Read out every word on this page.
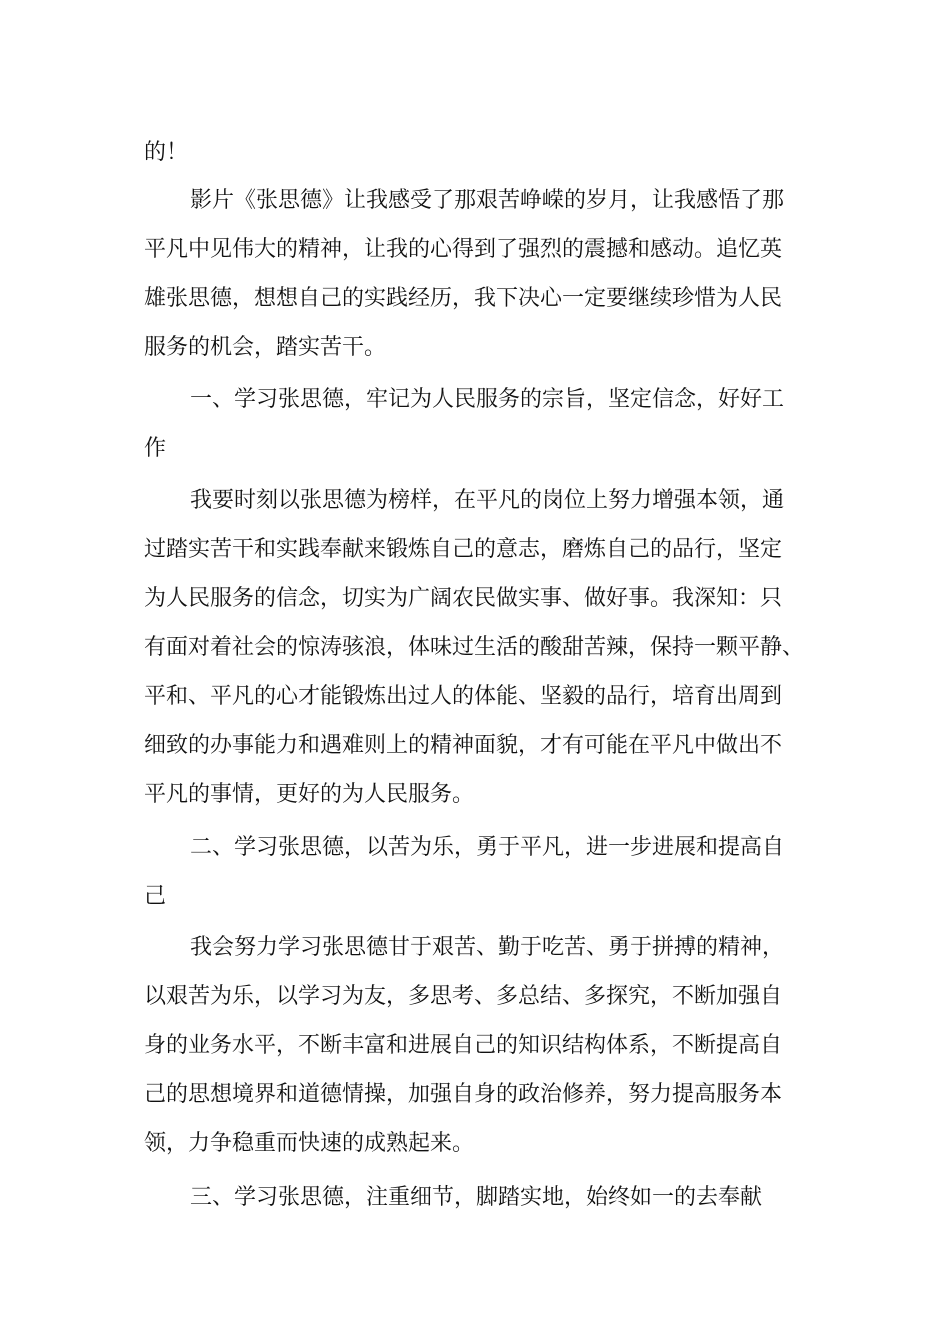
的！
影片《张思德》让我感受了那艰苦峥嵘的岁月，让我感悟了那
平凡中见伟大的精神，让我的心得到了强烈的震撼和感动。追忆英
雄张思德，想想自己的实践经历，我下决心一定要继续珍惜为人民
服务的机会，踏实苦干。
一、学习张思德，牢记为人民服务的宗旨，坚定信念，好好工
作
我要时刻以张思德为榜样，在平凡的岗位上努力增强本领，通
过踏实苦干和实践奉献来锻炼自己的意志，磨炼自己的品行，坚定
为人民服务的信念，切实为广阔农民做实事、做好事。我深知：只
有面对着社会的惊涛骇浪，体味过生活的酸甜苦辣，保持一颗平静、
平和、平凡的心才能锻炼出过人的体能、坚毅的品行，培育出周到
细致的办事能力和遇难则上的精神面貌，才有可能在平凡中做出不
平凡的事情，更好的为人民服务。
二、学习张思德，以苦为乐，勇于平凡，进一步进展和提高自
己
我会努力学习张思德甘于艰苦、勤于吃苦、勇于拼搏的精神，
以艰苦为乐，以学习为友，多思考、多总结、多探究，不断加强自
身的业务水平，不断丰富和进展自己的知识结构体系，不断提高自
己的思想境界和道德情操，加强自身的政治修养，努力提高服务本
领，力争稳重而快速的成熟起来。
三、学习张思德，注重细节，脚踏实地，始终如一的去奉献
